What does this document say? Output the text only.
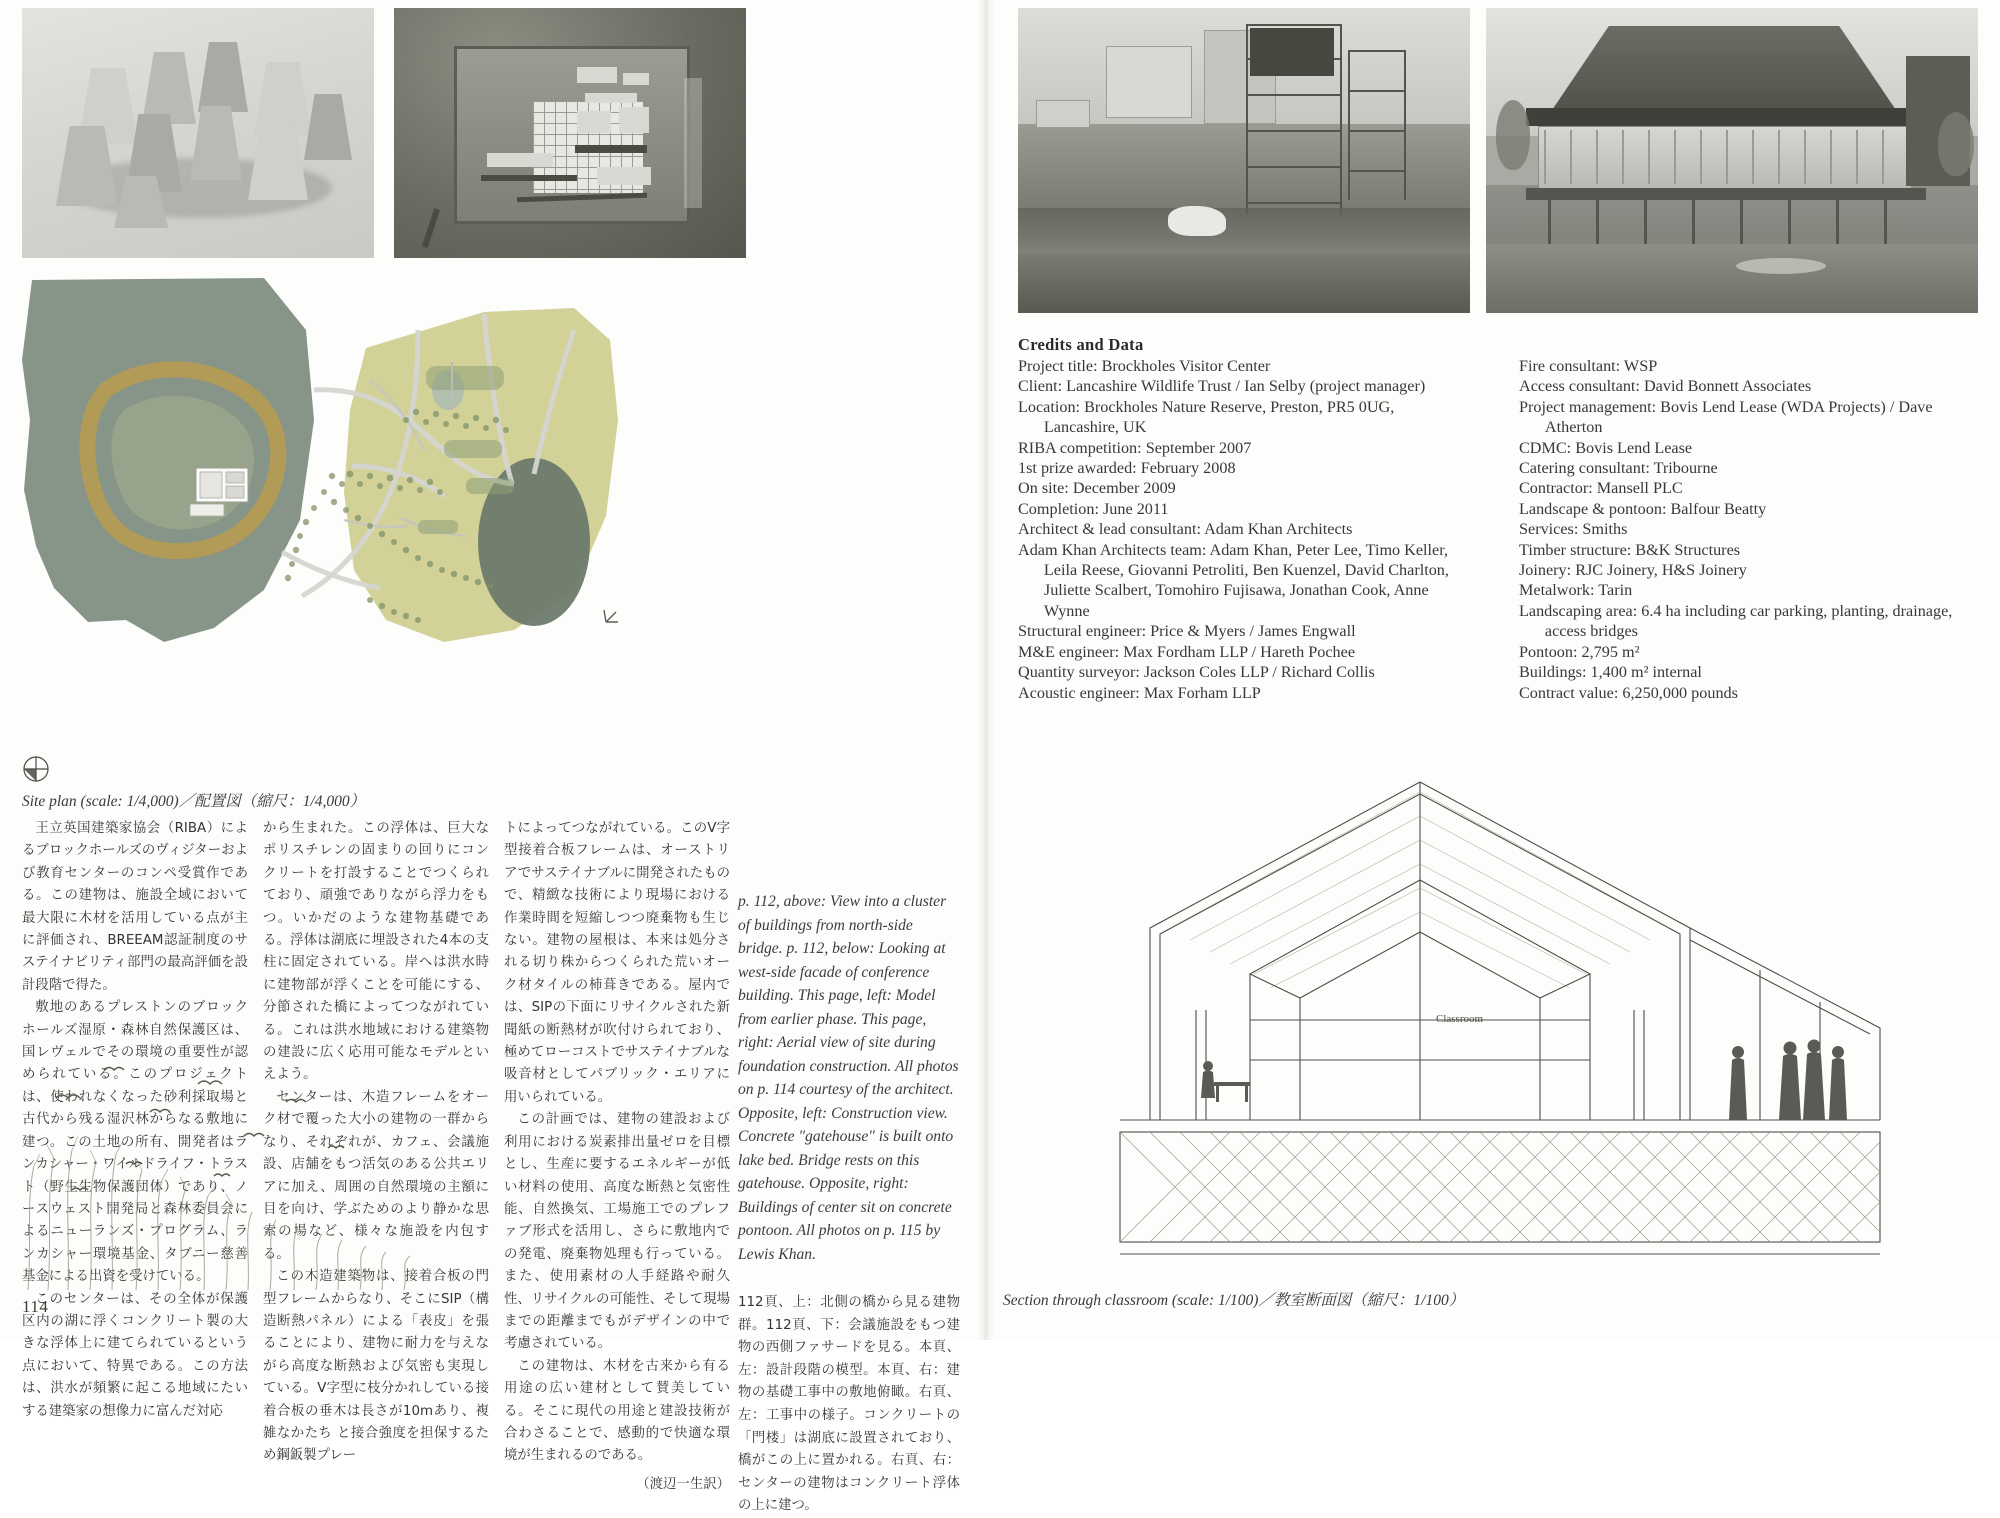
Site plan (scale: 1/4,000)／配置図（縮尺：1/4,000）

王立英国建築家協会（RIBA）によるブロックホールズのヴィジターおよび教育センターのコンペ受賞作である。この建物は、施設全域において最大限に木材を活用している点が主に評価され、BREEAM認証制度のサステイナビリティ部門の最高評価を設計段階で得た。

敷地のあるプレストンのブロックホールズ湿原・森林自然保護区は、国レヴェルでその環境の重要性が認められている。このプロジェクトは、使われなくなった砂利採取場と古代から残る湿沢林からなる敷地に建つ。この土地の所有、開発者はランカシャー・ワイルドライフ・トラスト（野生生物保護団体）であり、ノースウェスト開発局と森林委員会によるニューランズ・プログラム、ランカシャー環境基金、タブニー慈善基金による出資を受けている。

このセンターは、その全体が保護区内の湖に浮くコンクリート製の大きな浮体上に建てられているという点において、特異である。この方法は、洪水が頻繁に起こる地域にたいする建築家の想像力に富んだ対応

から生まれた。この浮体は、巨大なポリスチレンの固まりの回りにコンクリートを打設することでつくられており、頑強でありながら浮力をもつ。いかだのような建物基礎である。浮体は湖底に埋設された4本の支柱に固定されている。岸へは洪水時に建物部が浮くことを可能にする、分節された橋によってつながれている。これは洪水地域における建築物の建設に広く応用可能なモデルといえよう。

センターは、木造フレームをオーク材で覆った大小の建物の一群からなり、それぞれが、カフェ、会議施設、店舗をもつ活気のある公共エリアに加え、周囲の自然環境の主額に目を向け、学ぶためのより静かな思索の場など、様々な施設を内包する。

この木造建築物は、接着合板の門型フレームからなり、そこにSIP（構造断熱パネル）による「表皮」を張ることにより、建物に耐力を与えながら高度な断熱および気密も実現している。V字型に枝分かれしている接着合板の垂木は長さが10mあり、複雑なかたち と接合強度を担保するため鋼鈑製プレー

トによってつながれている。このV字型接着合板フレームは、オーストリアでサステイナブルに開発されたもので、精緻な技術により現場における作業時間を短縮しつつ廃棄物も生じない。建物の屋根は、本来は処分される切り株からつくられた荒いオーク材タイルの杮葺きである。屋内では、SIPの下面にリサイクルされた新聞紙の断熱材が吹付けられており、極めてローコストでサステイナブルな吸音材としてパブリック・エリアに用いられている。

この計画では、建物の建設および利用における炭素排出量ゼロを目標とし、生産に要するエネルギーが低い材料の使用、高度な断熱と気密性能、自然換気、工場施工でのプレファブ形式を活用し、さらに敷地内での発電、廃棄物処理も行っている。また、使用素材の人手経路や耐久性、リサイクルの可能性、そして現場までの距離までもがデザインの中で考慮されている。

この建物は、木材を古来から有る用途の広い建材として賛美している。そこに現代の用途と建設技術が合わさることで、感動的で快適な環境が生まれるのである。

（渡辺一生訳）
114
Credits and Data
Project title: Brockholes Visitor Center
Client: Lancashire Wildlife Trust / Ian Selby (project manager)
Location: Brockholes Nature Reserve, Preston, PR5 0UG, Lancashire, UK
RIBA competition: September 2007
1st prize awarded: February 2008
On site: December 2009
Completion: June 2011
Architect & lead consultant: Adam Khan Architects
Adam Khan Architects team: Adam Khan, Peter Lee, Timo Keller, Leila Reese, Giovanni Petroliti, Ben Kuenzel, David Charlton, Juliette Scalbert, Tomohiro Fujisawa, Jonathan Cook, Anne Wynne
Structural engineer: Price & Myers / James Engwall
M&E engineer: Max Fordham LLP / Hareth Pochee
Quantity surveyor: Jackson Coles LLP / Richard Collis
Acoustic engineer: Max Forham LLP
Fire consultant: WSP
Access consultant: David Bonnett Associates
Project management: Bovis Lend Lease (WDA Projects) / Dave Atherton
CDMC: Bovis Lend Lease
Catering consultant: Tribourne
Contractor: Mansell PLC
Landscape & pontoon: Balfour Beatty
Services: Smiths
Timber structure: B&K Structures
Joinery: RJC Joinery, H&S Joinery
Metalwork: Tarin
Landscaping area: 6.4 ha including car parking, planting, drainage, access bridges
Pontoon: 2,795 m²
Buildings: 1,400 m² internal
Contract value: 6,250,000 pounds
p. 112, above: View into a cluster of buildings from north-side bridge. p. 112, below: Looking at west-side facade of conference building. This page, left: Model from earlier phase. This page, right: Aerial view of site during foundation construction. All photos on p. 114 courtesy of the architect. Opposite, left: Construction view. Concrete "gatehouse" is built onto lake bed. Bridge rests on this gatehouse. Opposite, right: Buildings of center sit on concrete pontoon. All photos on p. 115 by Lewis Khan.
112頁、上：北側の橋から見る建物群。112頁、下：会議施設をもつ建物の西側ファサードを見る。本頁、左：設計段階の模型。本頁、右：建物の基礎工事中の敷地俯瞰。右頁、左：工事中の様子。コンクリートの「門楼」は湖底に設置されており、橋がこの上に置かれる。右頁、右：センターの建物はコンクリート浮体の上に建つ。
Classroom
Section through classroom (scale: 1/100)／教室断面図（縮尺：1/100）
